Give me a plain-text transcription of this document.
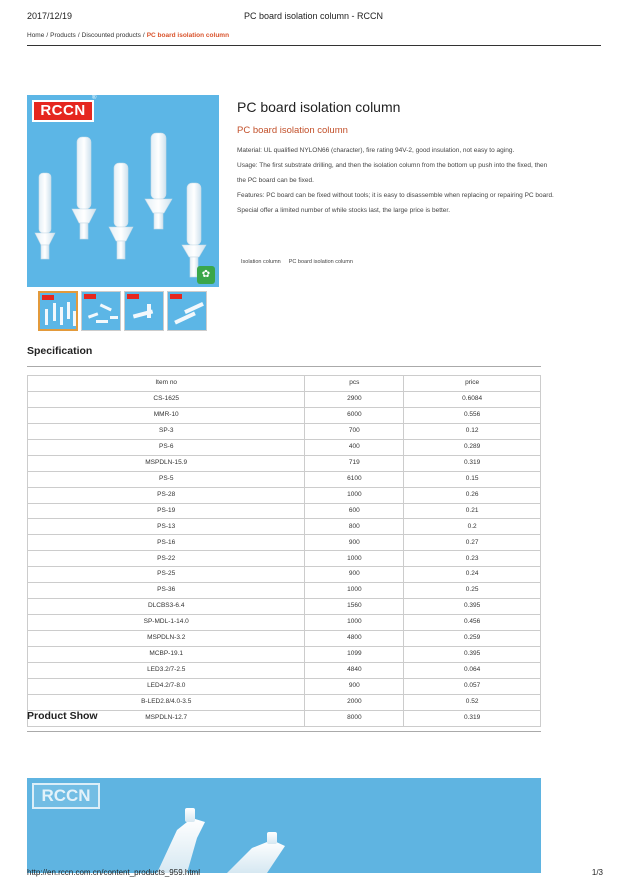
2017/12/19	PC board isolation column - RCCN
Home / Products / Discounted products / PC board isolation column
RCCN
®
✿
PC board isolation column
PC board isolation column

Material: UL qualified NYLON66 (character), fire rating 94V-2, good insulation, not easy to aging.

Usage: The first substrate drilling, and then the isolation column from the bottom up push into the fixed, then the PC board can be fixed.

Features: PC board can be fixed without tools; it is easy to disassemble when replacing or repairing PC board.

Special offer a limited number of while stocks last, the large price is better.

Isolation column PC board isolation column
Specification
Item no	pcs	price
CS-1625	2900	0.6084
MMR-10	6000	0.556
SP-3	700	0.12
PS-6	400	0.289
MSPDLN-15.9	719	0.319
PS-5	6100	0.15
PS-28	1000	0.26
PS-19	600	0.21
PS-13	800	0.2
PS-16	900	0.27
PS-22	1000	0.23
PS-25	900	0.24
PS-36	1000	0.25
DLCBS3-6.4	1560	0.395
SP-MDL-1-14.0	1000	0.456
MSPDLN-3.2	4800	0.259
MCBP-19.1	1099	0.395
LED3.2/7-2.5	4840	0.064
LED4.2/7-8.0	900	0.057
B-LED2.8/4.0-3.5	2000	0.52
MSPDLN-12.7	8000	0.319
Product Show
RCCN
http://en.rccn.com.cn/content_products_959.html	1/3
